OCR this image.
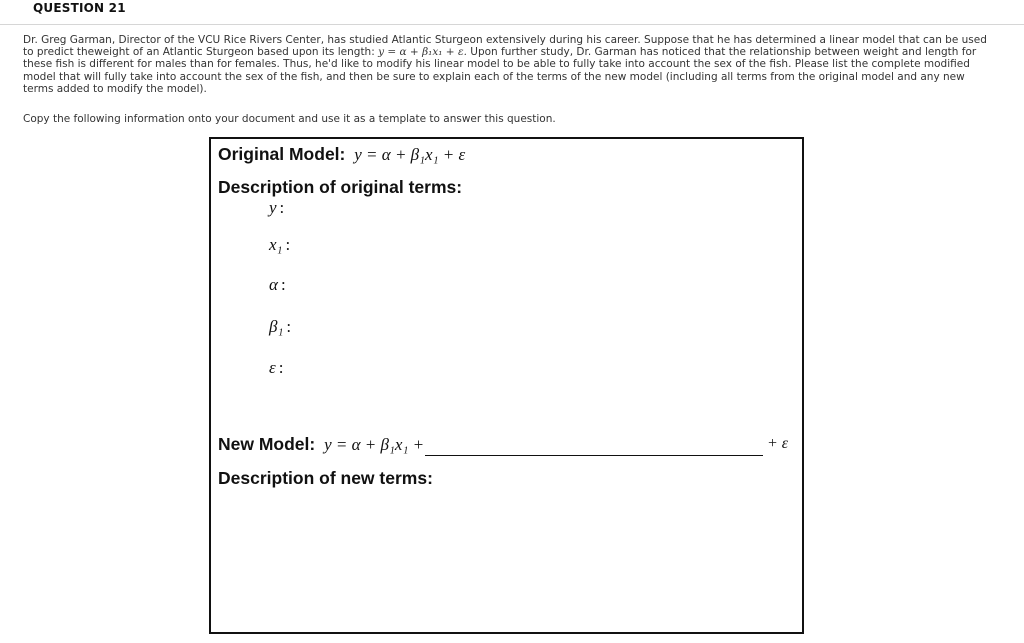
QUESTION 21
Dr. Greg Garman, Director of the VCU Rice Rivers Center, has studied Atlantic Sturgeon extensively during his career. Suppose that he has determined a linear model that can be used to predict theweight of an Atlantic Sturgeon based upon its length: y = α + β₁x₁ + ε. Upon further study, Dr. Garman has noticed that the relationship between weight and length for these fish is different for males than for females. Thus, he'd like to modify his linear model to be able to fully take into account the sex of the fish. Please list the complete modified model that will fully take into account the sex of the fish, and then be sure to explain each of the terms of the new model (including all terms from the original model and any new terms added to modify the model).
Copy the following information onto your document and use it as a template to answer this question.
Original Model: y = α + β₁x₁ + ε
Description of original terms:
y :
x₁ :
α :
β₁ :
ε :
New Model: y = α + β₁x₁ +	+ ε
Description of new terms:
